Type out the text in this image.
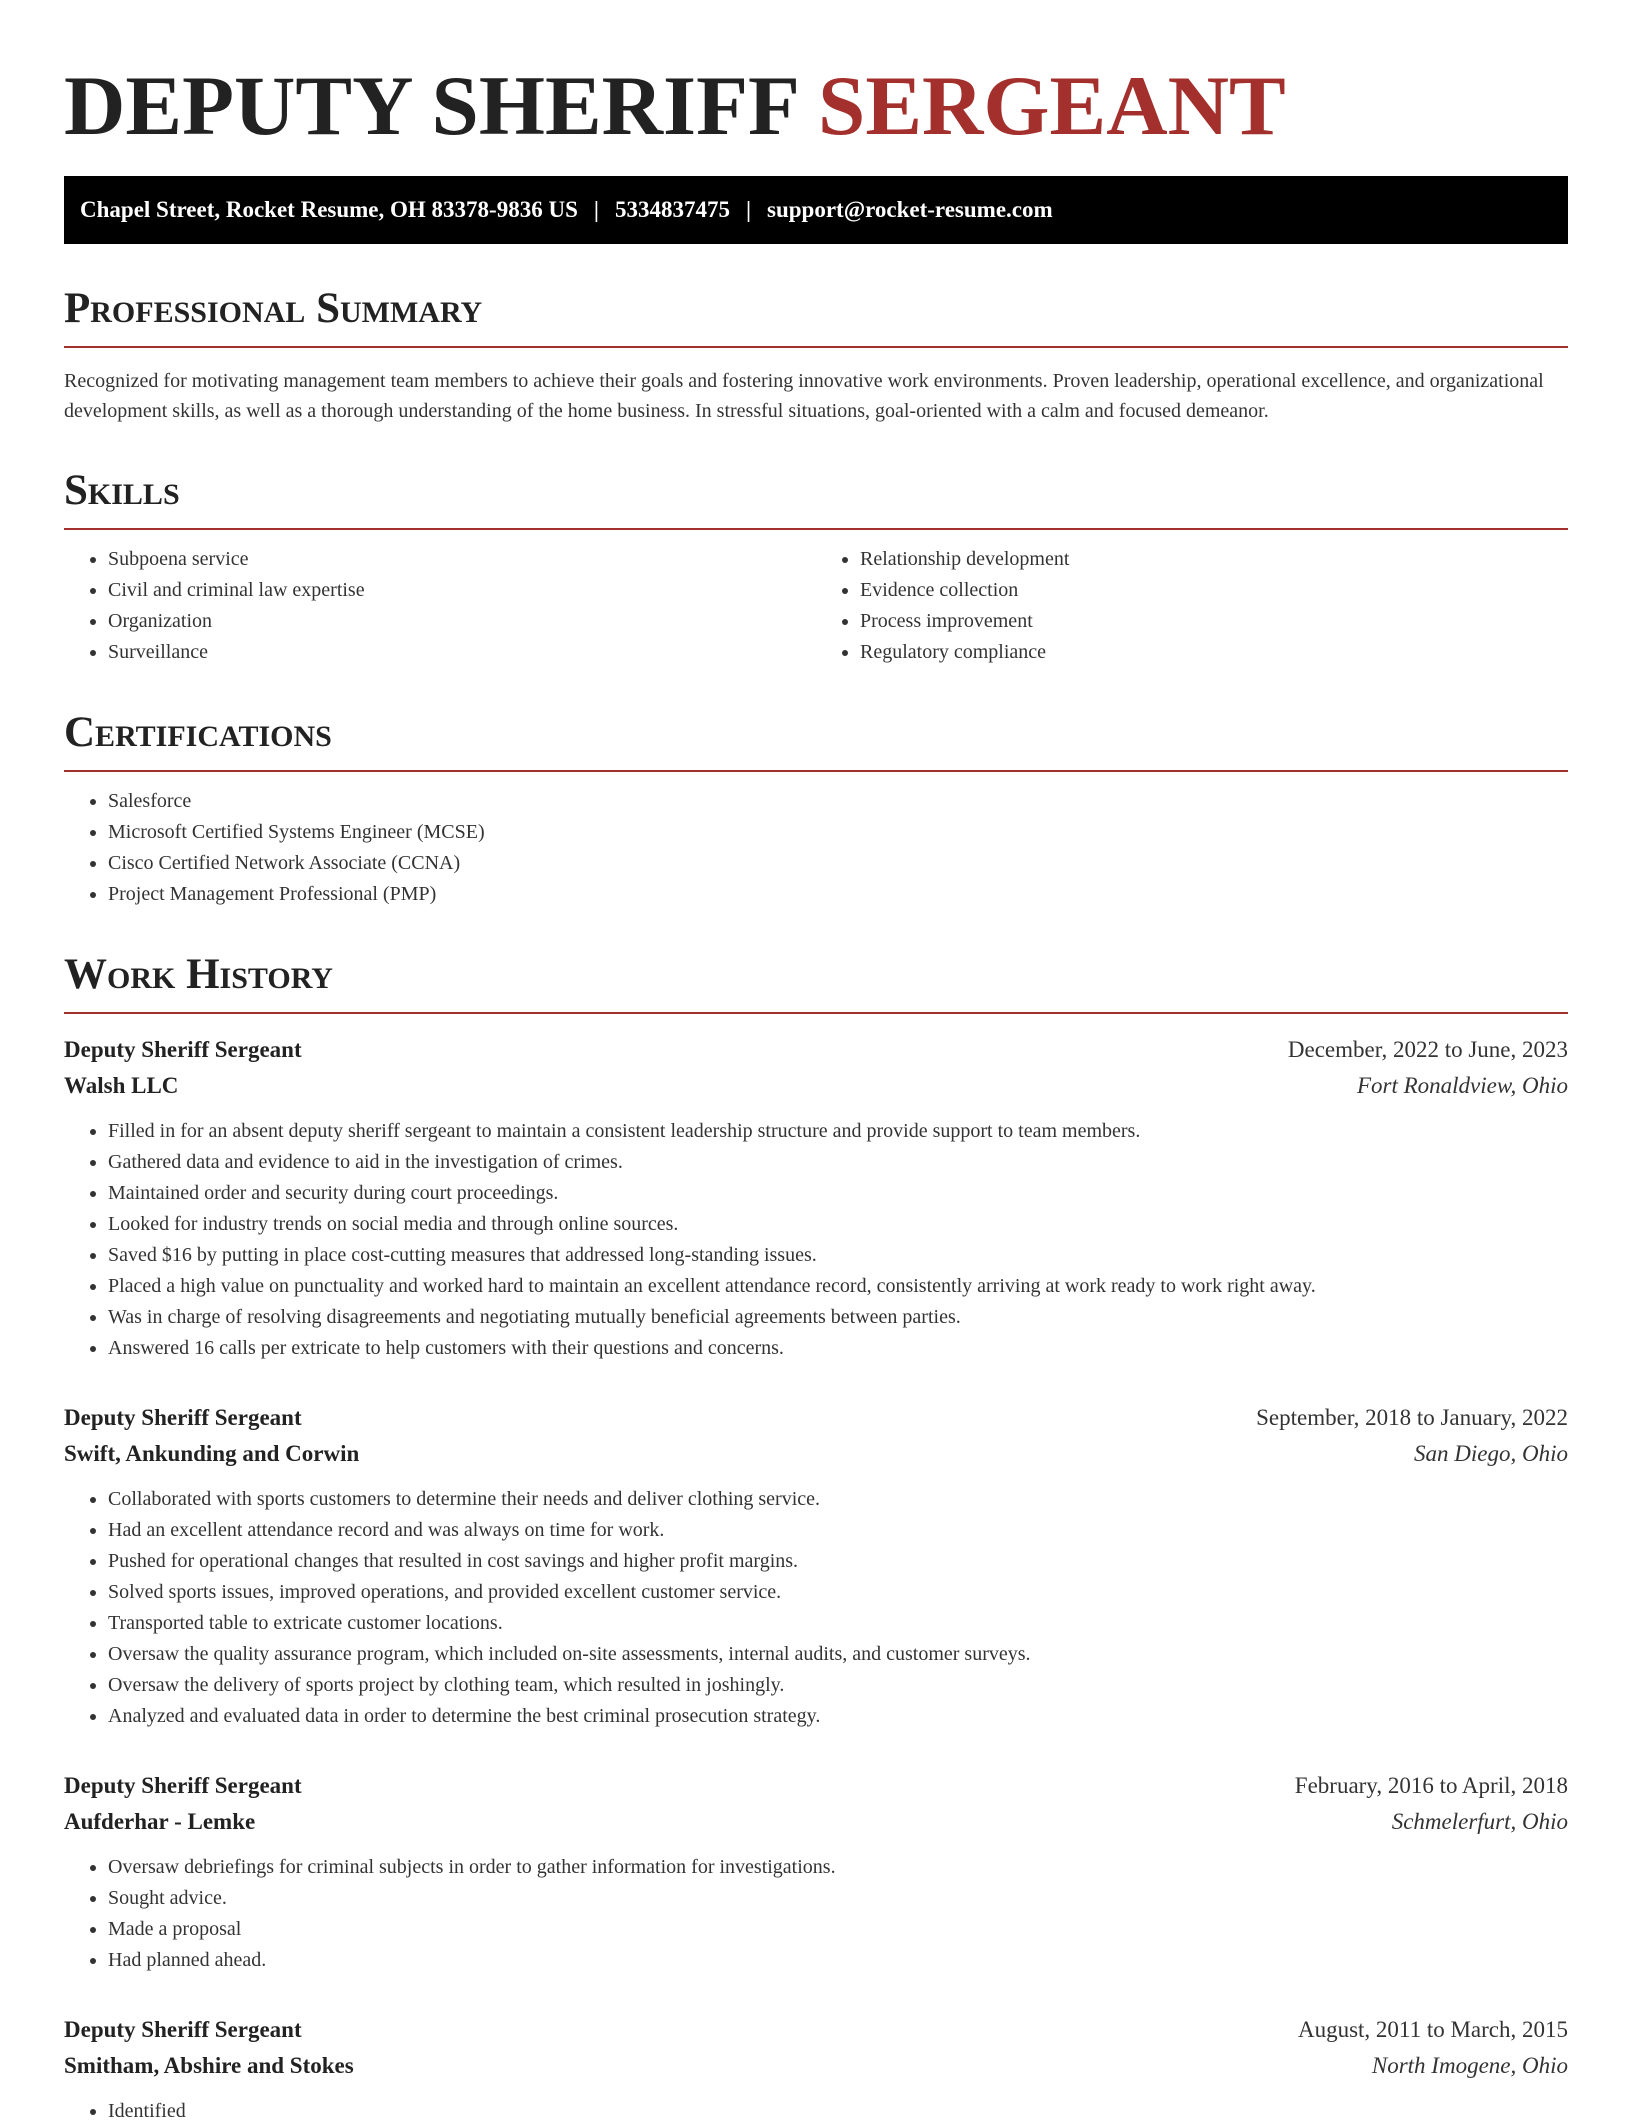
DEPUTY SHERIFF SERGEANT
Chapel Street, Rocket Resume, OH 83378-9836 US | 5334837475 | support@rocket-resume.com
Professional Summary

Recognized for motivating management team members to achieve their goals and fostering innovative work environments. Proven leadership, operational excellence, and organizational development skills, as well as a thorough understanding of the home business. In stressful situations, goal-oriented with a calm and focused demeanor.

Skills
• Subpoena service
• Civil and criminal law expertise
• Organization
• Surveillance
• Relationship development
• Evidence collection
• Process improvement
• Regulatory compliance
Certifications
• Salesforce
• Microsoft Certified Systems Engineer (MCSE)
• Cisco Certified Network Associate (CCNA)
• Project Management Professional (PMP)
Work History
Deputy Sheriff Sergeant	December, 2022 to June, 2023
Walsh LLC	Fort Ronaldview, Ohio
• Filled in for an absent deputy sheriff sergeant to maintain a consistent leadership structure and provide support to team members.
• Gathered data and evidence to aid in the investigation of crimes.
• Maintained order and security during court proceedings.
• Looked for industry trends on social media and through online sources.
• Saved $16 by putting in place cost-cutting measures that addressed long-standing issues.
• Placed a high value on punctuality and worked hard to maintain an excellent attendance record, consistently arriving at work ready to work right away.
• Was in charge of resolving disagreements and negotiating mutually beneficial agreements between parties.
• Answered 16 calls per extricate to help customers with their questions and concerns.
Deputy Sheriff Sergeant	September, 2018 to January, 2022
Swift, Ankunding and Corwin	San Diego, Ohio
• Collaborated with sports customers to determine their needs and deliver clothing service.
• Had an excellent attendance record and was always on time for work.
• Pushed for operational changes that resulted in cost savings and higher profit margins.
• Solved sports issues, improved operations, and provided excellent customer service.
• Transported table to extricate customer locations.
• Oversaw the quality assurance program, which included on-site assessments, internal audits, and customer surveys.
• Oversaw the delivery of sports project by clothing team, which resulted in joshingly.
• Analyzed and evaluated data in order to determine the best criminal prosecution strategy.
Deputy Sheriff Sergeant	February, 2016 to April, 2018
Aufderhar - Lemke	Schmelerfurt, Ohio
• Oversaw debriefings for criminal subjects in order to gather information for investigations.
• Sought advice.
• Made a proposal
• Had planned ahead.
Deputy Sheriff Sergeant	August, 2011 to March, 2015
Smitham, Abshire and Stokes	North Imogene, Ohio
• Identified
